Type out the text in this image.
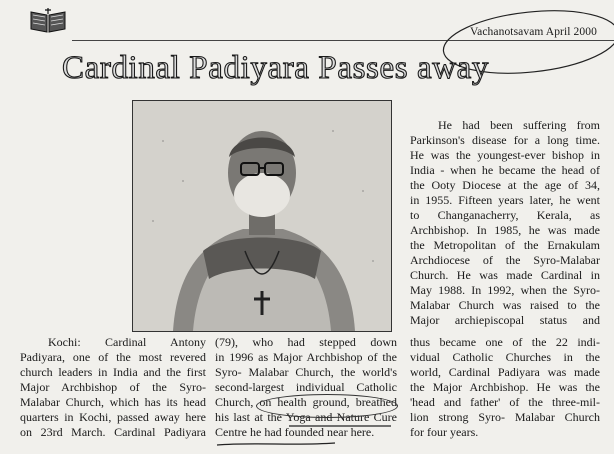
Vachanotsavam April 2000
Cardinal Padiyara Passes away
Kochi: Cardinal Antony
Padiyara, one of the most revered
church leaders in India and the first
Major Archbishop of the Syro-
Malabar Church, which has its head
quarters in Kochi, passed away here
on 23rd March. Cardinal Padiyara
(79), who had stepped down
in 1996 as Major Archbishop of the
Syro- Malabar Church, the world's
second-largest individual Catholic
Church, on health ground, breathed
his last at the Yoga and Nature Cure
Centre he had founded near here.
He had been suffering from
Parkinson's disease for a long time.
He was the youngest-ever bishop in
India - when he became the head of
the Ooty Diocese at the age of 34,
in 1955. Fifteen years later, he went
to Changanacherry, Kerala, as
Archbishop. In 1985, he was made
the Metropolitan of the Ernakulam
Archdiocese of the Syro-Malabar
Church. He was made Cardinal in
May 1988. In 1992, when the Syro-
Malabar Church was raised to the
Major archiepiscopal status and
thus became one of the 22 indi-
vidual Catholic Churches in the
world, Cardinal Padiyara was made
the Major Archbishop. He was the
'head and father' of the three-mil-
lion strong Syro- Malabar Church
for four years.
